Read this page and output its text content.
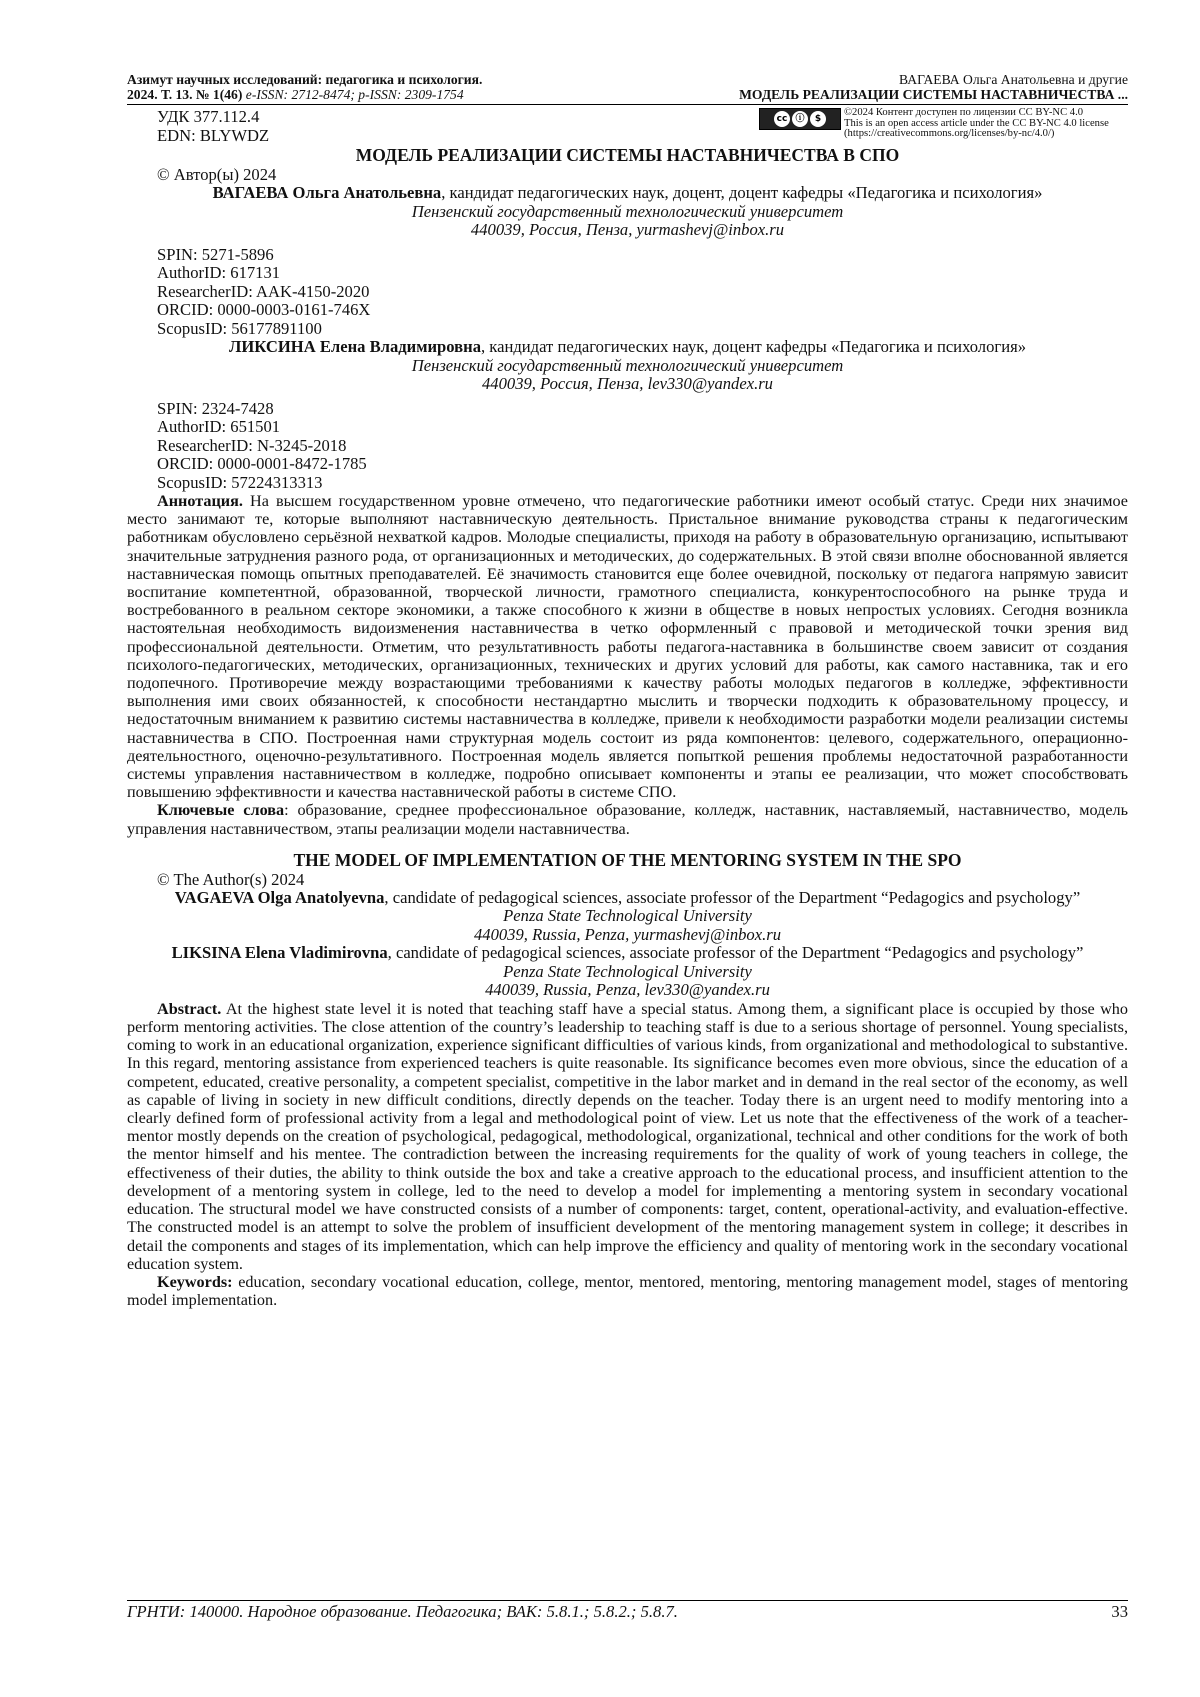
Азимут научных исследований: педагогика и психология.
2024. Т. 13. № 1(46) e-ISSN: 2712-8474; p-ISSN: 2309-1754
ВАГАЕВА Ольга Анатольевна и другие
МОДЕЛЬ РЕАЛИЗАЦИИ СИСТЕМЫ НАСТАВНИЧЕСТВА ...
УДК 377.112.4
EDN: BLYWDZ
cc ⓘ	$
©2024 Контент доступен по лицензии CC BY-NC 4.0
This is an open access article under the CC BY-NC 4.0 license
(https://creativecommons.org/licenses/by-nc/4.0/)
МОДЕЛЬ РЕАЛИЗАЦИИ СИСТЕМЫ НАСТАВНИЧЕСТВА В СПО
© Автор(ы) 2024
ВАГАЕВА Ольга Анатольевна, кандидат педагогических наук, доцент, доцент кафедры «Педагогика и психология»
Пензенский государственный технологический университет
440039, Россия, Пенза, yurmashevj@inbox.ru
SPIN: 5271-5896
AuthorID: 617131
ResearcherID: AAK-4150-2020
ORCID: 0000-0003-0161-746X
ScopusID: 56177891100
ЛИКСИНА Елена Владимировна, кандидат педагогических наук, доцент кафедры «Педагогика и психология»
Пензенский государственный технологический университет
440039, Россия, Пенза, lev330@yandex.ru
SPIN: 2324-7428
AuthorID: 651501
ResearcherID: N-3245-2018
ORCID: 0000-0001-8472-1785
ScopusID: 57224313313

Аннотация. На высшем государственном уровне отмечено, что педагогические работники имеют особый статус. Среди них значимое место занимают те, которые выполняют наставническую деятельность. Пристальное внимание руководства страны к педагогическим работникам обусловлено серьёзной нехваткой кадров. Молодые специалисты, приходя на работу в образовательную организацию, испытывают значительные затруднения разного рода, от организационных и методических, до содержательных. В этой связи вполне обоснованной является наставническая помощь опытных преподавателей. Её значимость становится еще более очевидной, поскольку от педагога напрямую зависит воспитание компетентной, образованной, творческой личности, грамотного специалиста, конкурентоспособного на рынке труда и востребованного в реальном секторе экономики, а также способного к жизни в обществе в новых непростых условиях. Сегодня возникла настоятельная необходимость видоизменения наставничества в четко оформленный с правовой и методической точки зрения вид профессиональной деятельности. Отметим, что результативность работы педагога-наставника в большинстве своем зависит от создания психолого-педагогических, методических, организационных, технических и других условий для работы, как самого наставника, так и его подопечного. Противоречие между возрастающими требованиями к качеству работы молодых педагогов в колледже, эффективности выполнения ими своих обязанностей, к способности нестандартно мыслить и творчески подходить к образовательному процессу, и недостаточным вниманием к развитию системы наставничества в колледже, привели к необходимости разработки модели реализации системы наставничества в СПО. Построенная нами структурная модель состоит из ряда компонентов: целевого, содержательного, операционно-деятельностного, оценочно-результативного. Построенная модель является попыткой решения проблемы недостаточной разработанности системы управления наставничеством в колледже, подробно описывает компоненты и этапы ее реализации, что может способствовать повышению эффективности и качества наставнической работы в системе СПО.

Ключевые слова: образование, среднее профессиональное образование, колледж, наставник, наставляемый, наставничество, модель управления наставничеством, этапы реализации модели наставничества.

THE MODEL OF IMPLEMENTATION OF THE MENTORING SYSTEM IN THE SPO
© The Author(s) 2024
VAGAEVA Olga Anatolyevna, candidate of pedagogical sciences, associate professor of the Department “Pedagogics and psychology”
Penza State Technological University
440039, Russia, Penza, yurmashevj@inbox.ru
LIKSINA Elena Vladimirovna, candidate of pedagogical sciences, associate professor of the Department “Pedagogics and psychology”
Penza State Technological University
440039, Russia, Penza, lev330@yandex.ru

Abstract. At the highest state level it is noted that teaching staff have a special status. Among them, a significant place is occupied by those who perform mentoring activities. The close attention of the country’s leadership to teaching staff is due to a serious shortage of personnel. Young specialists, coming to work in an educational organization, experience significant difficulties of various kinds, from organizational and methodological to substantive. In this regard, mentoring assistance from experienced teachers is quite reasonable. Its significance becomes even more obvious, since the education of a competent, educated, creative personality, a competent specialist, competitive in the labor market and in demand in the real sector of the economy, as well as capable of living in society in new difficult conditions, directly depends on the teacher. Today there is an urgent need to modify mentoring into a clearly defined form of professional activity from a legal and methodological point of view. Let us note that the effectiveness of the work of a teacher-mentor mostly depends on the creation of psychological, pedagogical, methodological, organizational, technical and other conditions for the work of both the mentor himself and his mentee. The contradiction between the increasing requirements for the quality of work of young teachers in college, the effectiveness of their duties, the ability to think outside the box and take a creative approach to the educational process, and insufficient attention to the development of a mentoring system in college, led to the need to develop a model for implementing a mentoring system in secondary vocational education. The structural model we have constructed consists of a number of components: target, content, operational-activity, and evaluation-effective. The constructed model is an attempt to solve the problem of insufficient development of the mentoring management system in college; it describes in detail the components and stages of its implementation, which can help improve the efficiency and quality of mentoring work in the secondary vocational education system.

Keywords: education, secondary vocational education, college, mentor, mentored, mentoring, mentoring management model, stages of mentoring model implementation.

ГРНТИ: 140000. Народное образование. Педагогика; ВАК: 5.8.1.; 5.8.2.; 5.8.7.	33
